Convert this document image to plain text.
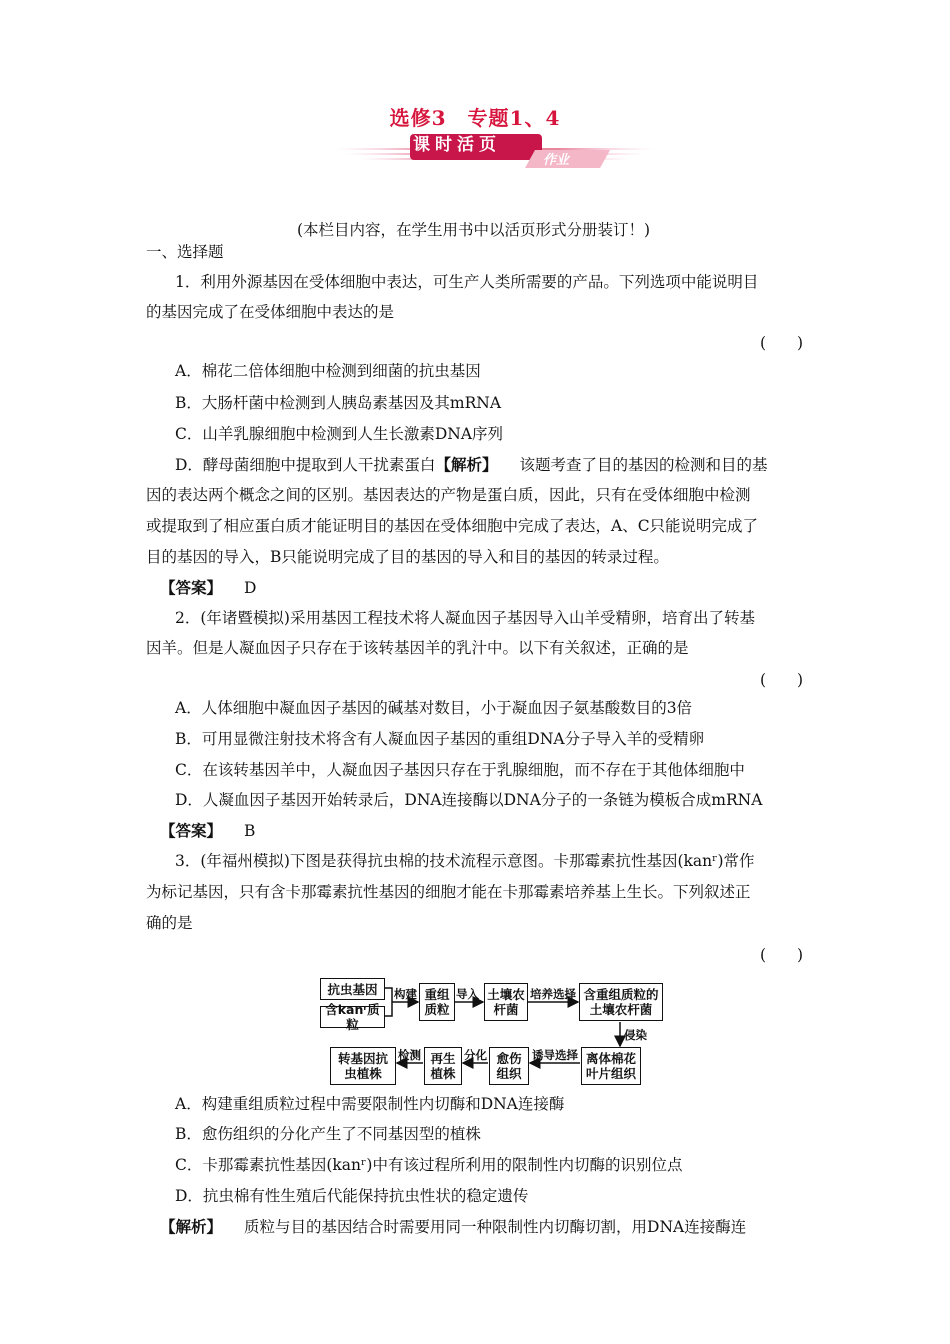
选修3　专题1、4
课时活页
作业
(本栏目内容，在学生用书中以活页形式分册装订！)
一、选择题
1．利用外源基因在受体细胞中表达，可生产人类所需要的产品。下列选项中能说明目
的基因完成了在受体细胞中表达的是
(　　)
A．棉花二倍体细胞中检测到细菌的抗虫基因
B．大肠杆菌中检测到人胰岛素基因及其mRNA
C．山羊乳腺细胞中检测到人生长激素DNA序列
D．酵母菌细胞中提取到人干扰素蛋白【解析】 该题考查了目的基因的检测和目的基
因的表达两个概念之间的区别。基因表达的产物是蛋白质，因此，只有在受体细胞中检测
或提取到了相应蛋白质才能证明目的基因在受体细胞中完成了表达，A、C只能说明完成了
目的基因的导入，B只能说明完成了目的基因的导入和目的基因的转录过程。
【答案】 D
2．(年诸暨模拟)采用基因工程技术将人凝血因子基因导入山羊受精卵，培育出了转基
因羊。但是人凝血因子只存在于该转基因羊的乳汁中。以下有关叙述，正确的是
(　　)
A．人体细胞中凝血因子基因的碱基对数目，小于凝血因子氨基酸数目的3倍
B．可用显微注射技术将含有人凝血因子基因的重组DNA分子导入羊的受精卵
C．在该转基因羊中，人凝血因子基因只存在于乳腺细胞，而不存在于其他体细胞中
D．人凝血因子基因开始转录后，DNA连接酶以DNA分子的一条链为模板合成mRNA
【答案】 B
3．(年福州模拟)下图是获得抗虫棉的技术流程示意图。卡那霉素抗性基因(kanʳ)常作
为标记基因，只有含卡那霉素抗性基因的细胞才能在卡那霉素培养基上生长。下列叙述正
确的是
(　　)
抗虫基因
含kanʳ质粒
构建 重组
质粒
导入 土壤农
杆菌
培养选择 含重组质粒的
土壤农杆菌
侵染
离体棉花
叶片组织
诱导选择
愈伤
组织
分化
再生
植株
检测
转基因抗
虫植株
A．构建重组质粒过程中需要限制性内切酶和DNA连接酶
B．愈伤组织的分化产生了不同基因型的植株
C．卡那霉素抗性基因(kanʳ)中有该过程所利用的限制性内切酶的识别位点
D．抗虫棉有性生殖后代能保持抗虫性状的稳定遗传
【解析】 质粒与目的基因结合时需要用同一种限制性内切酶切割，用DNA连接酶连
